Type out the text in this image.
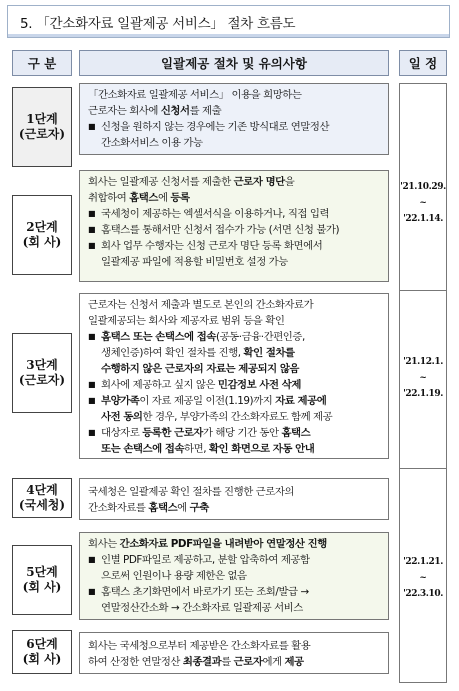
5. 「간소화자료 일괄제공 서비스」 절차 흐름도
구 분	일괄제공 절차 및 유의사항	일 정
1단계
(근로자)

「간소화자료 일괄제공 서비스」 이용을 희망하는

근로자는 회사에 신청서를 제출

■ 신청을 원하지 않는 경우에는 기존 방식대로 연말정산
간소화서비스 이용 가능
2단계
(회 사)

회사는 일괄제공 신청서를 제출한 근로자 명단을

취합하여 홈택스에 등록

■ 국세청이 제공하는 엑셀서식을 이용하거나, 직접 입력
■ 홈택스를 통해서만 신청서 접수가 가능 (서면 신청 불가)
■ 회사 업무 수행자는 신청 근로자 명단 등록 화면에서
일괄제공 파일에 적용할 비밀번호 설정 가능
3단계
(근로자)

근로자는 신청서 제출과 별도로 본인의 간소화자료가

일괄제공되는 회사와 제공자료 범위 등을 확인

■ 홈택스 또는 손택스에 접속(공동·금융·간편인증,
생체인증)하여 확인 절차를 진행, 확인 절차를
수행하지 않은 근로자의 자료는 제공되지 않음
■ 회사에 제공하고 싶지 않은 민감정보 사전 삭제
■ 부양가족이 자료 제공일 이전(1.19)까지 자료 제공에
사전 동의한 경우, 부양가족의 간소화자료도 함께 제공
■ 대상자로 등록한 근로자가 해당 기간 동안 홈택스
또는 손택스에 접속하면, 확인 화면으로 자동 안내
4단계
(국세청)

국세청은 일괄제공 확인 절차를 진행한 근로자의

간소화자료를 홈택스에 구축

5단계
(회 사)

회사는 간소화자료 PDF파일을 내려받아 연말정산 진행

■ 인별 PDF파일로 제공하고, 분할 압축하여 제공함
으로써 인원이나 용량 제한은 없음
■ 홈택스 초기화면에서 바로가기 또는 조회/발급 →
연말정산간소화 → 간소화자료 일괄제공 서비스
6단계
(회 사)

회사는 국세청으로부터 제공받은 간소화자료를 활용

하여 산정한 연말정산 최종결과를 근로자에게 제공

'21.10.29.
~
'22.1.14.
'21.12.1.
~
'22.1.19.
'22.1.21.
~
'22.3.10.
